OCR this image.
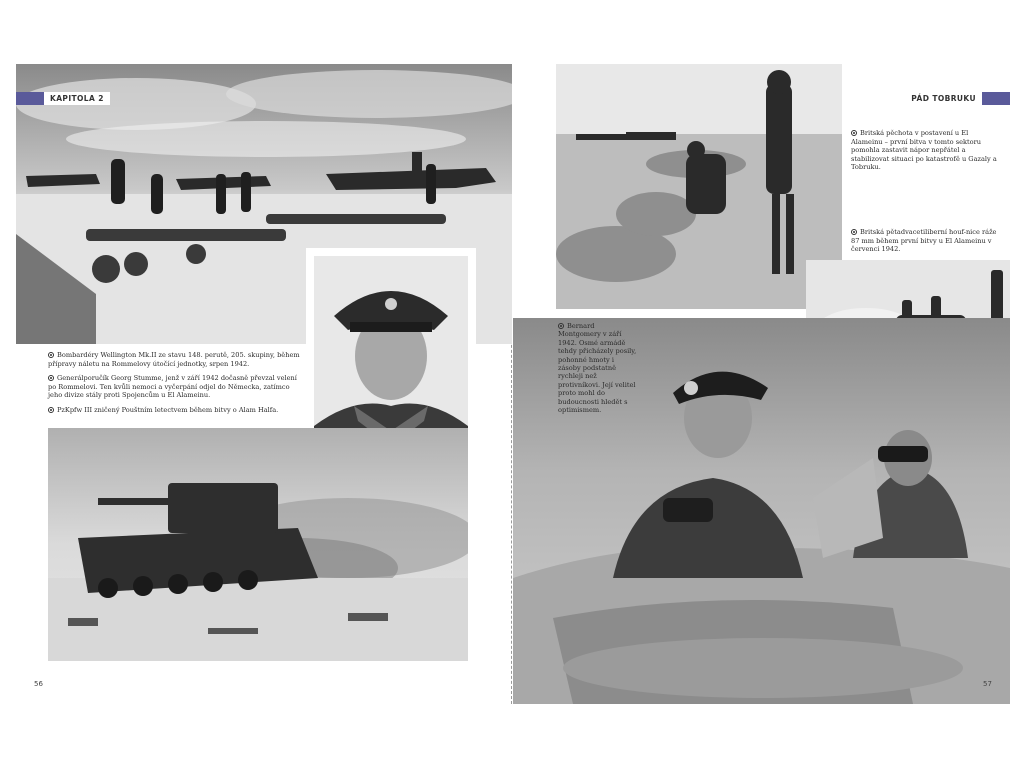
KAPITOLA 2

Bombardéry Wellington Mk.II ze stavu 148. perutě, 205. skupiny, během přípravy náletu na Rommelovy útočící jednotky, srpen 1942.

Generálporučík Georg Stumme, jenž v září 1942 dočasně převzal velení po Rommelovi. Ten kvůli nemoci a vyčerpání odjel do Německa, zatímco jeho divize stály proti Spojencům u El Alameinu.

PzKpfw III zničený Pouštním letectvem během bitvy o Alam Halfa.

56
PÁD TOBRUKU

Britská pěchota v postavení u El Alameinu – první bitva v tomto sektoru pomohla zastavit nápor nepřátel a stabilizovat situaci po katastrofě u Gazaly a Tobruku.

Britská pětadvacetiliberní houf-nice ráže 87 mm během první bitvy u El Alameinu v červenci 1942.

Bernard Montgomery v září 1942. Osmé armádě tehdy přicházely posily, pohonné hmoty i zásoby podstatně rychleji než protivníkovi. Její velitel proto mohl do budoucnosti hledět s optimismem.

57
